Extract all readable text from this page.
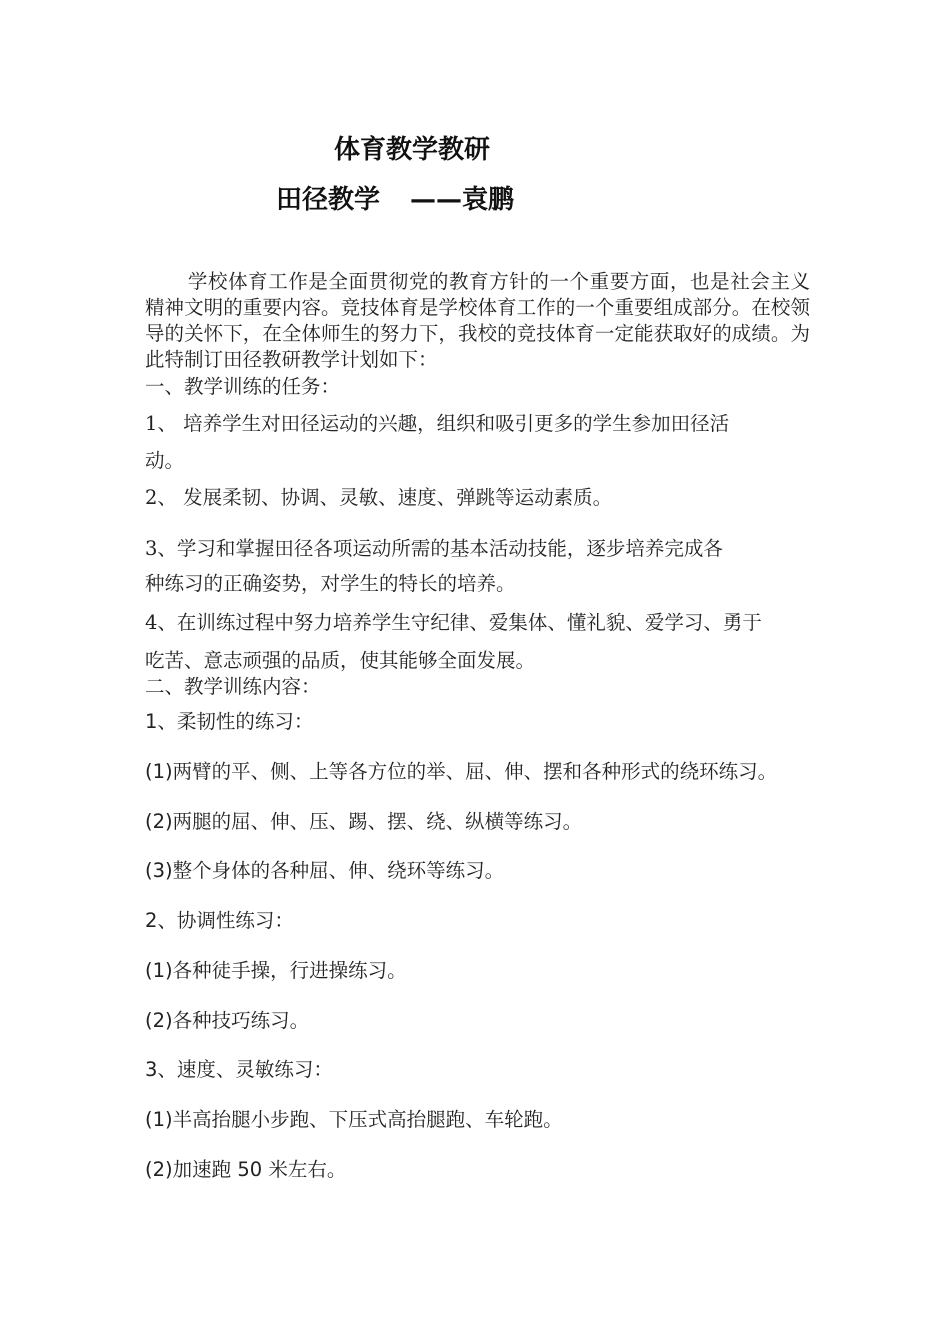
体育教学教研
田径教学 ——袁鹏
学校体育工作是全面贯彻党的教育方针的一个重要方面，也是社会主义精神文明的重要内容。竞技体育是学校体育工作的一个重要组成部分。在校领导的关怀下，在全体师生的努力下，我校的竞技体育一定能获取好的成绩。为此特制订田径教研教学计划如下：
一、教学训练的任务：
1、 培养学生对田径运动的兴趣，组织和吸引更多的学生参加田径活
动。
2、 发展柔韧、协调、灵敏、速度、弹跳等运动素质。
3、学习和掌握田径各项运动所需的基本活动技能，逐步培养完成各
种练习的正确姿势，对学生的特长的培养。
4、在训练过程中努力培养学生守纪律、爱集体、懂礼貌、爱学习、勇于
吃苦、意志顽强的品质，使其能够全面发展。
二、教学训练内容：
1、柔韧性的练习：
(1)两臂的平、侧、上等各方位的举、屈、伸、摆和各种形式的绕环练习。
(2)两腿的屈、伸、压、踢、摆、绕、纵横等练习。
(3)整个身体的各种屈、伸、绕环等练习。
2、协调性练习：
(1)各种徒手操，行进操练习。
(2)各种技巧练习。
3、速度、灵敏练习：
(1)半高抬腿小步跑、下压式高抬腿跑、车轮跑。
(2)加速跑 50 米左右。
